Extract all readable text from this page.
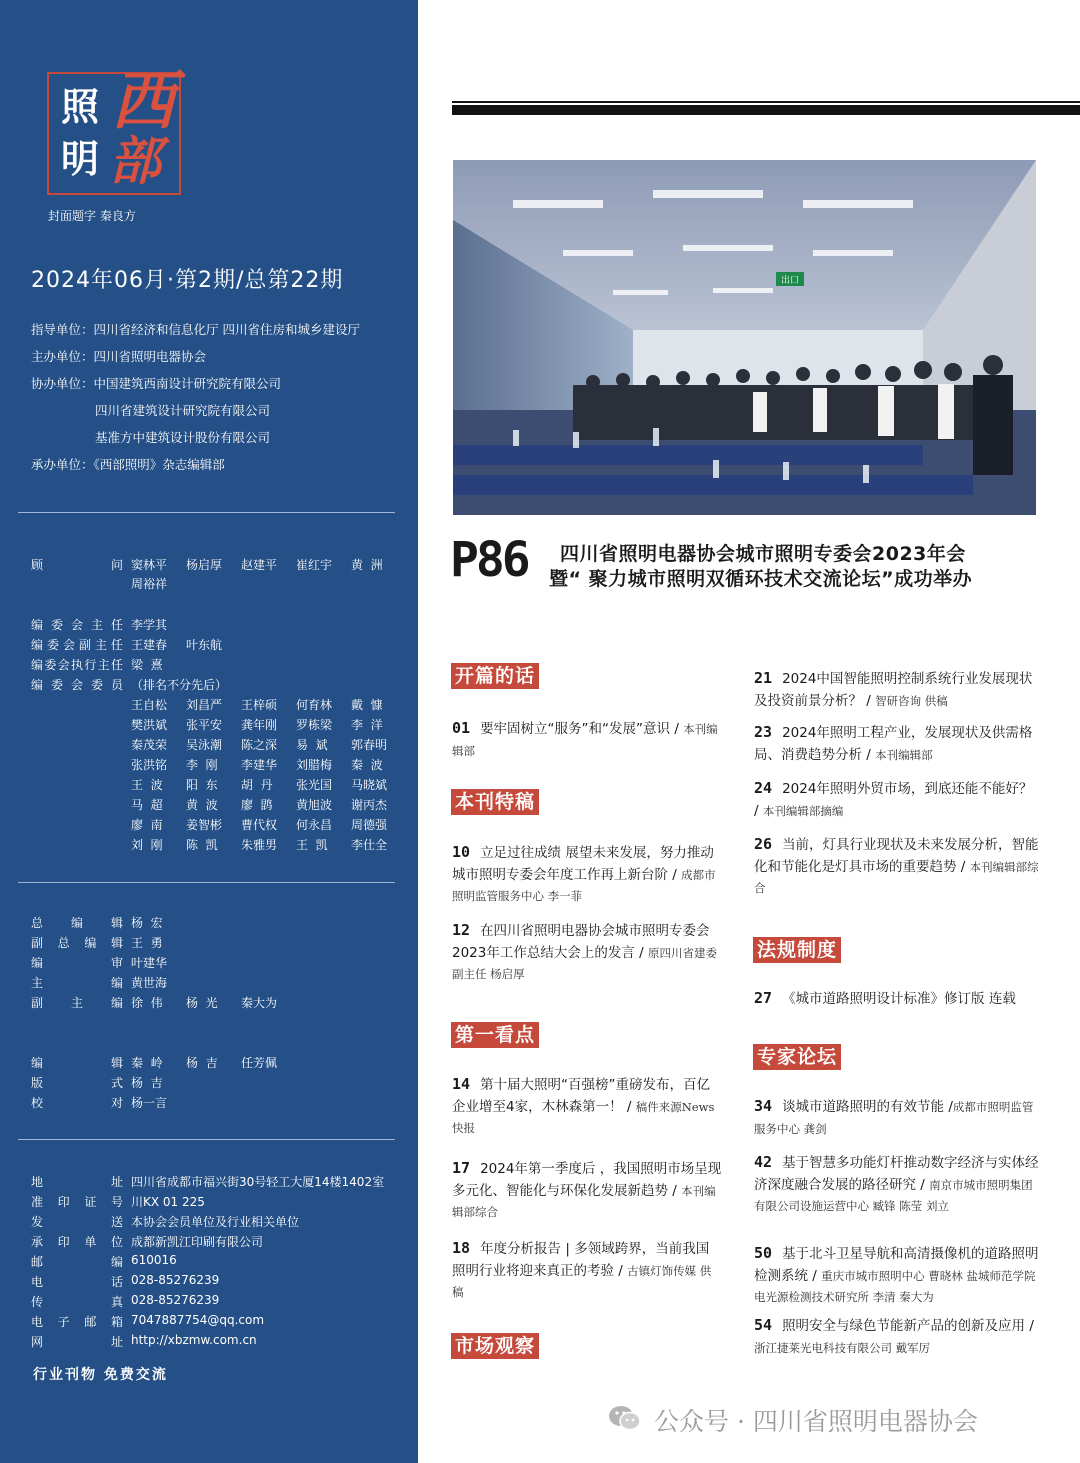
照
明
西
部
封面题字 秦良方
2024年06月·第2期/总第22期
指导单位：四川省经济和信息化厅 四川省住房和城乡建设厅
主办单位：四川省照明电器协会
协办单位：中国建筑西南设计研究院有限公司
四川省建筑设计研究院有限公司
基准方中建筑设计股份有限公司
承办单位：《西部照明》杂志编辑部
顾	问 窦林平 杨启厚 赵建平 崔红宇 黄  洲
周裕祥
编 委 会 主 任 李学其
编 委 会 副 主 任 王建春 叶东航
编 委 会 执 行 主 任 梁  熹
编 委 会 委 员 （排名不分先后）
王自松 刘昌严 王梓硕 何育林 戴  慷
樊洪斌 张平安 龚年刚 罗栋梁 李  洋
秦茂荣 吴泳潮 陈之深 易  斌 郭春明
张洪铭 李  刚 李建华 刘腊梅 秦  波
王  波 阳  东 胡  丹 张光国 马晓斌
马  超 黄  波 廖  鹍 黄旭波 谢丙杰
廖  南 姜智彬 曹代权 何永昌 周德强
刘  刚 陈  凯 朱雅男 王  凯 李仕全
总 编 辑 杨  宏
副 总 编 辑 王  勇
编	审 叶建华
主	编 黄世海
副 主 编 徐  伟 杨  光 秦大为
编	辑 秦  岭 杨  吉 任芳佩
版	式 杨  吉
校	对 杨一言
地	址 四川省成都市福兴街30号轻工大厦14楼1402室
准 印 证 号 川KX 01 225
发	送 本协会会员单位及行业相关单位
承 印 单 位 成都新凯江印刷有限公司
邮	编 610016
电	话 028-85276239
传	真 028-85276239
电 子 邮 箱 7047887754@qq.com
网	址 http://xbzmw.com.cn
行业刊物 免费交流
出口
P86 四川省照明电器协会城市照明专委会2023年会
暨“ 聚力城市照明双循环技术交流论坛”成功举办
开篇的话
本刊特稿
第一看点
市场观察
法规制度
专家论坛
01 要牢固树立“服务”和“发展”意识 / 本刊编辑部
10 立足过往成绩 展望未来发展，努力推动城市照明专委会年度工作再上新台阶 / 成都市照明监管服务中心 李一菲
12 在四川省照明电器协会城市照明专委会2023年工作总结大会上的发言 / 原四川省建委副主任 杨启厚
14 第十届大照明“百强榜”重磅发布，百亿企业增至4家，木林森第一！ / 稿件来源News快报
17 2024年第一季度后 ，我国照明市场呈现多元化、智能化与环保化发展新趋势 / 本刊编辑部综合
18 年度分析报告 | 多领域跨界，当前我国照明行业将迎来真正的考验 / 古镇灯饰传媒 供稿
21 2024中国智能照明控制系统行业发展现状及投资前景分析？ / 智研咨询 供稿
23 2024年照明工程产业，发展现状及供需格局、消费趋势分析 / 本刊编辑部
24 2024年照明外贸市场，到底还能不能好？ / 本刊编辑部摘编
26 当前，灯具行业现状及未来发展分析，智能化和节能化是灯具市场的重要趋势 / 本刊编辑部综合
27 《城市道路照明设计标准》修订版 连载
34 谈城市道路照明的有效节能 /成都市照明监管服务中心 龚剑
42 基于智慧多功能灯杆推动数字经济与实体经济深度融合发展的路径研究 / 南京市城市照明集团有限公司设施运营中心 臧锋 陈莹 刘立
50 基于北斗卫星导航和高清摄像机的道路照明检测系统 / 重庆市城市照明中心 曹晓林 盐城师范学院电光源检测技术研究所 李清 秦大为
54 照明安全与绿色节能新产品的创新及应用 / 浙江捷莱光电科技有限公司 戴军厉
公众号 · 四川省照明电器协会
